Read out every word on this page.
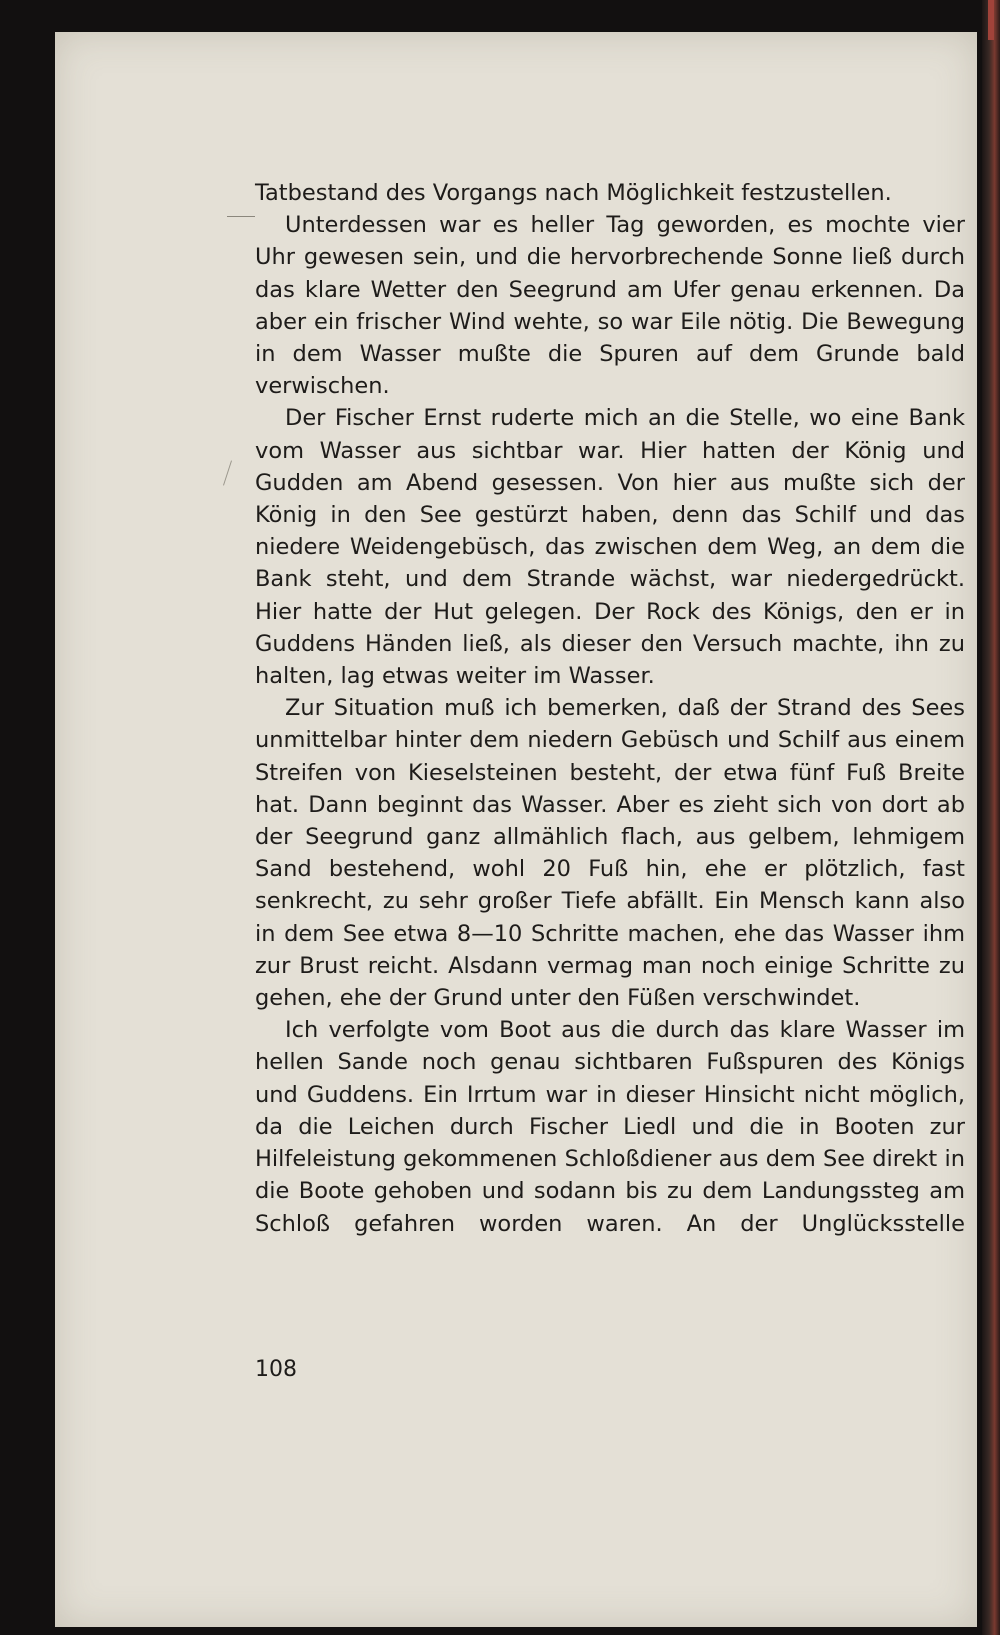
Tatbestand des Vorgangs nach Möglichkeit festzustellen.

Unterdessen war es heller Tag geworden, es mochte vier Uhr gewesen sein, und die hervorbrechende Sonne ließ durch das klare Wetter den Seegrund am Ufer genau erkennen. Da aber ein frischer Wind wehte, so war Eile nötig. Die Bewegung in dem Wasser mußte die Spuren auf dem Grunde bald verwischen.

Der Fischer Ernst ruderte mich an die Stelle, wo eine Bank vom Wasser aus sichtbar war. Hier hatten der König und Gudden am Abend gesessen. Von hier aus mußte sich der König in den See gestürzt haben, denn das Schilf und das niedere Weidengebüsch, das zwischen dem Weg, an dem die Bank steht, und dem Strande wächst, war niedergedrückt. Hier hatte der Hut gelegen. Der Rock des Königs, den er in Guddens Händen ließ, als dieser den Versuch machte, ihn zu halten, lag etwas weiter im Wasser.

Zur Situation muß ich bemerken, daß der Strand des Sees unmittelbar hinter dem niedern Gebüsch und Schilf aus einem Streifen von Kieselsteinen besteht, der etwa fünf Fuß Breite hat. Dann beginnt das Wasser. Aber es zieht sich von dort ab der Seegrund ganz allmählich flach, aus gelbem, lehmigem Sand bestehend, wohl 20 Fuß hin, ehe er plötzlich, fast senkrecht, zu sehr großer Tiefe abfällt. Ein Mensch kann also in dem See etwa 8—10 Schritte machen, ehe das Wasser ihm zur Brust reicht. Alsdann vermag man noch einige Schritte zu gehen, ehe der Grund unter den Füßen verschwindet.

Ich verfolgte vom Boot aus die durch das klare Wasser im hellen Sande noch genau sichtbaren Fußspuren des Königs und Guddens. Ein Irrtum war in dieser Hinsicht nicht möglich, da die Leichen durch Fischer Liedl und die in Booten zur Hilfeleistung gekommenen Schloßdiener aus dem See direkt in die Boote gehoben und sodann bis zu dem Landungssteg am Schloß gefahren worden waren. An der Unglücksstelle

108
